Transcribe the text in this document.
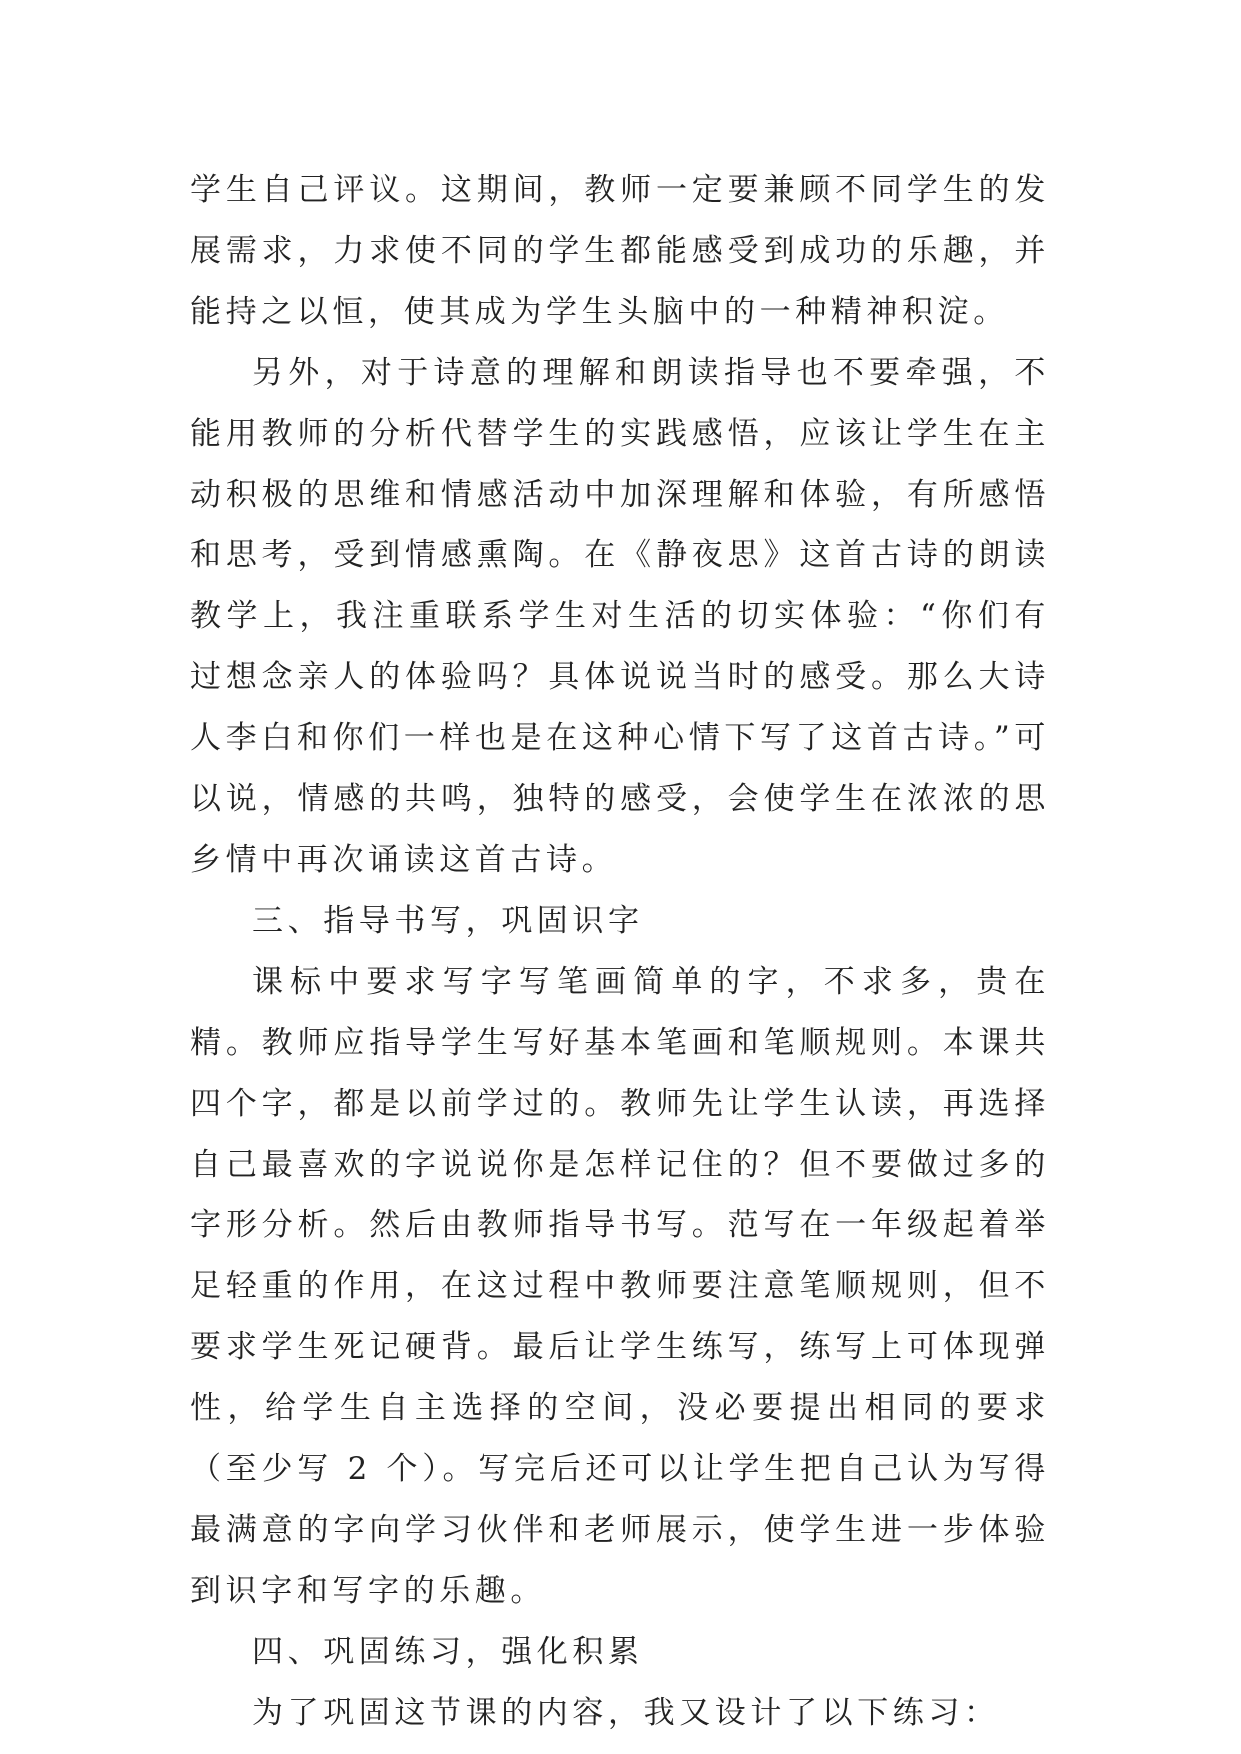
学生自己评议。这期间，教师一定要兼顾不同学生的发展需求，力求使不同的学生都能感受到成功的乐趣，并能持之以恒，使其成为学生头脑中的一种精神积淀。

另外，对于诗意的理解和朗读指导也不要牵强，不能用教师的分析代替学生的实践感悟，应该让学生在主动积极的思维和情感活动中加深理解和体验，有所感悟和思考，受到情感熏陶。在《静夜思》这首古诗的朗读教学上，我注重联系学生对生活的切实体验：“你们有过想念亲人的体验吗？具体说说当时的感受。那么大诗人李白和你们一样也是在这种心情下写了这首古诗。”可以说，情感的共鸣，独特的感受，会使学生在浓浓的思乡情中再次诵读这首古诗。

三、指导书写，巩固识字

课标中要求写字写笔画简单的字，不求多，贵在精。教师应指导学生写好基本笔画和笔顺规则。本课共四个字，都是以前学过的。教师先让学生认读，再选择自己最喜欢的字说说你是怎样记住的？但不要做过多的字形分析。然后由教师指导书写。范写在一年级起着举足轻重的作用，在这过程中教师要注意笔顺规则，但不要求学生死记硬背。最后让学生练写，练写上可体现弹性，给学生自主选择的空间，没必要提出相同的要求（至少写 2 个）。写完后还可以让学生把自己认为写得最满意的字向学习伙伴和老师展示，使学生进一步体验到识字和写字的乐趣。

四、巩固练习，强化积累

为了巩固这节课的内容，我又设计了以下练习：
